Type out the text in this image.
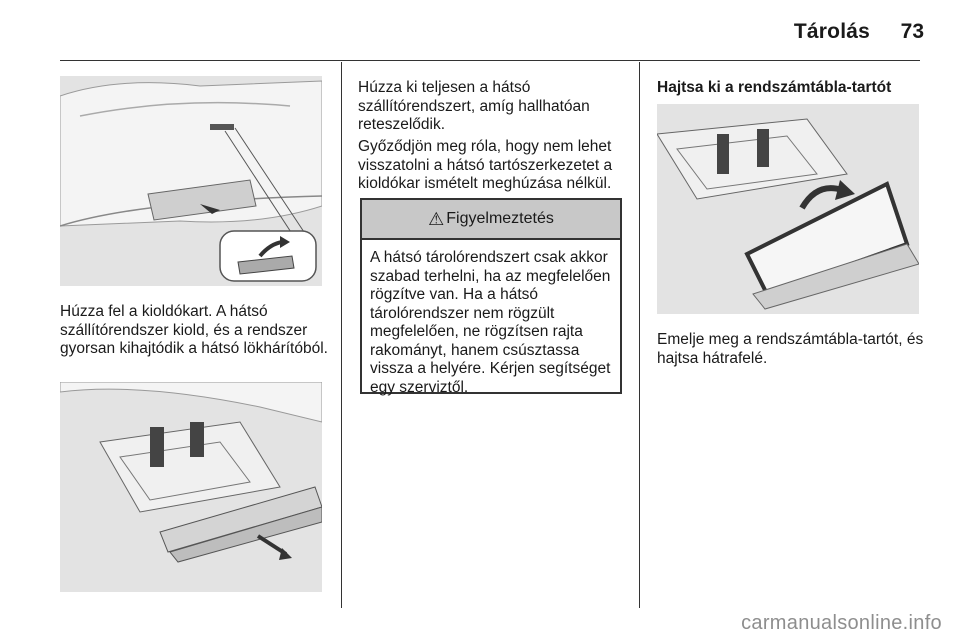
Tárolás	73

Húzza fel a kioldókart. A hátsó szállítórendszer kiold, és a rendszer gyorsan kihajtódik a hátsó lökhárítóból.

Húzza ki teljesen a hátsó szállítórendszert, amíg hallhatóan reteszelődik.

Győződjön meg róla, hogy nem lehet visszatolni a hátsó tartószerkezetet a kioldókar ismételt meghúzása nélkül.

⚠ Figyelmeztetés

A hátsó tárolórendszert csak akkor szabad terhelni, ha az megfelelően rögzítve van. Ha a hátsó tárolórendszer nem rögzült megfelelően, ne rögzítsen rajta rakományt, hanem csúsztassa vissza a helyére. Kérjen segítséget egy szerviztől.

Hajtsa ki a rendszámtábla-tartót

Emelje meg a rendszámtábla-tartót, és hajtsa hátrafelé.

carmanualsonline.info
